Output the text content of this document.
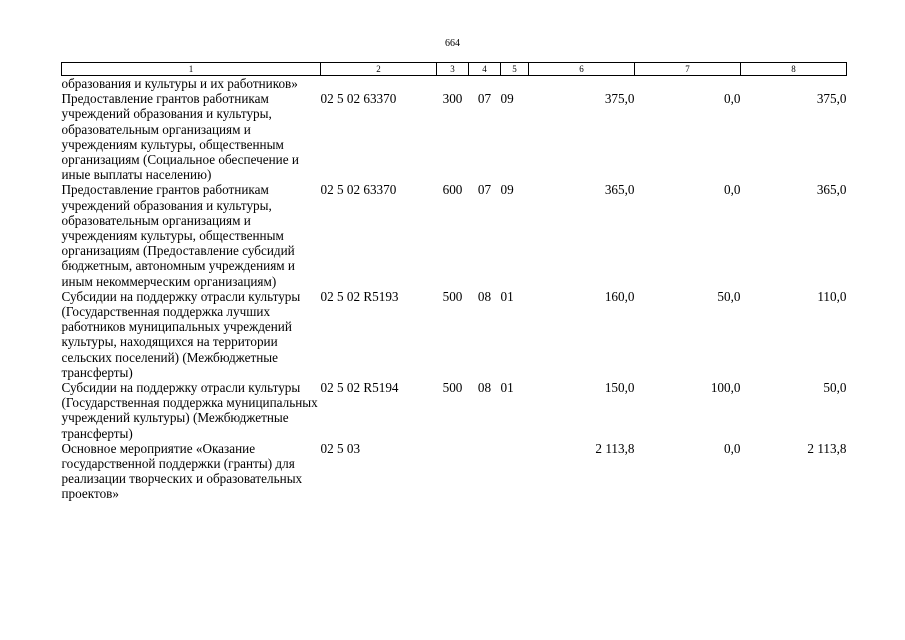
664
1	2	3	4	5	6	7	8
образования и культуры и их работников»							
Предоставление грантов работникам учреждений образования и культуры, образовательным организациям и учреждениям культуры, общественным организациям (Социальное обеспечение и иные выплаты населению)	02 5 02 63370	300	07	09	375,0	0,0	375,0
Предоставление грантов работникам учреждений образования и культуры, образовательным организациям и учреждениям культуры, общественным организациям (Предоставление субсидий бюджетным, автономным учреждениям и иным некоммерческим организациям)	02 5 02 63370	600	07	09	365,0	0,0	365,0
Субсидии на поддержку отрасли культуры (Государственная поддержка лучших работников муниципальных учреждений культуры, находящихся на территории сельских поселений) (Межбюджетные трансферты)	02 5 02 R5193	500	08	01	160,0	50,0	110,0
Субсидии на поддержку отрасли культуры (Государственная поддержка муниципальных учреждений культуры) (Межбюджетные трансферты)	02 5 02 R5194	500	08	01	150,0	100,0	50,0
Основное мероприятие «Оказание государственной поддержки (гранты) для реализации творческих и образовательных проектов»	02 5 03				2 113,8	0,0	2 113,8
